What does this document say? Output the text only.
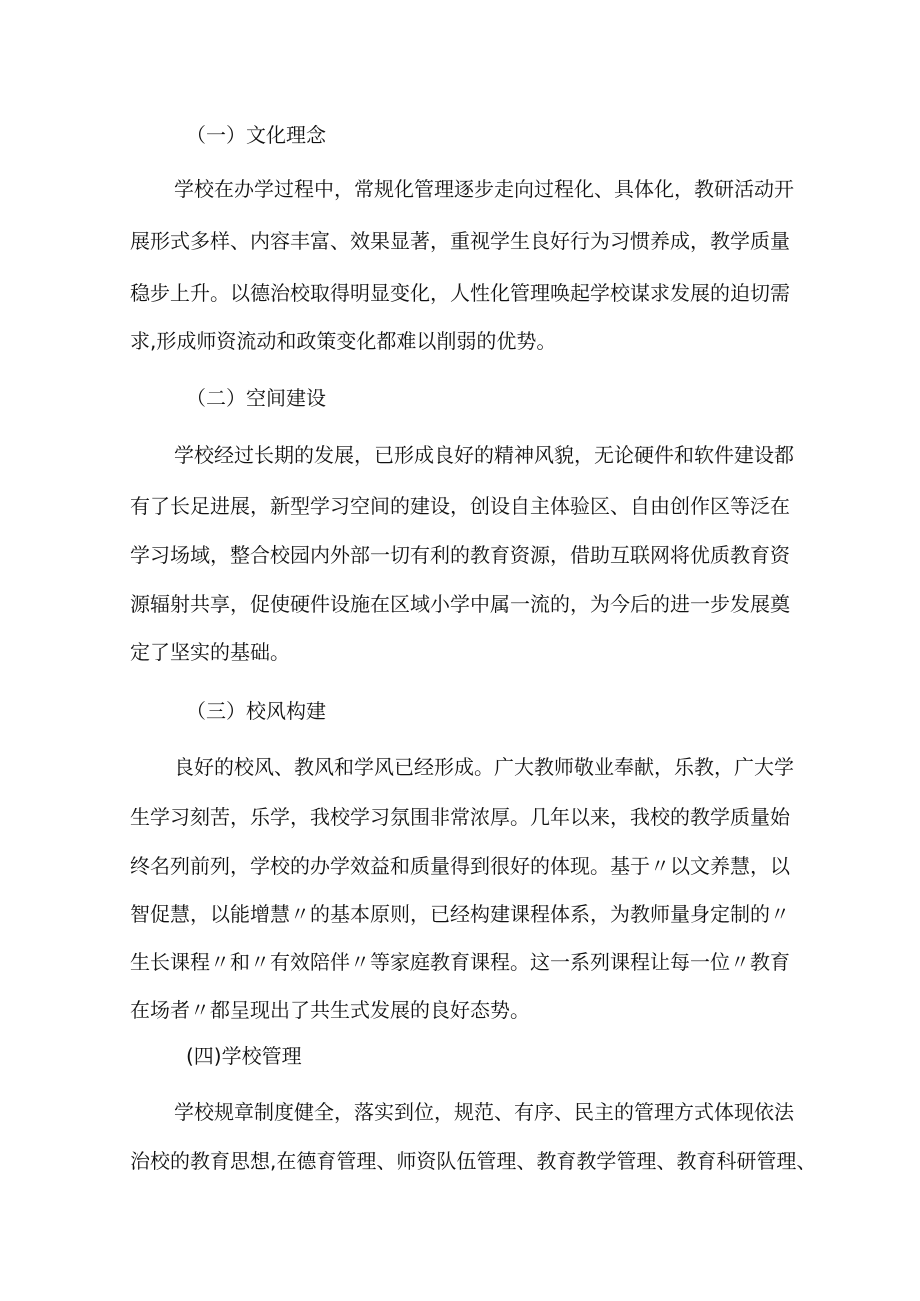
（一）文化理念

学校在办学过程中，常规化管理逐步走向过程化、具体化，教研活动开

展形式多样、内容丰富、效果显著，重视学生良好行为习惯养成，教学质量

稳步上升。以德治校取得明显变化，人性化管理唤起学校谋求发展的迫切需

求,形成师资流动和政策变化都难以削弱的优势。

（二）空间建设

学校经过长期的发展，已形成良好的精神风貌，无论硬件和软件建设都

有了长足进展，新型学习空间的建设，创设自主体验区、自由创作区等泛在

学习场域，整合校园内外部一切有利的教育资源，借助互联网将优质教育资

源辐射共享，促使硬件设施在区域小学中属一流的，为今后的进一步发展奠

定了坚实的基础。

（三）校风构建

良好的校风、教风和学风已经形成。广大教师敬业奉献，乐教，广大学

生学习刻苦，乐学，我校学习氛围非常浓厚。几年以来，我校的教学质量始

终名列前列，学校的办学效益和质量得到很好的体现。基于〃以文养慧，以

智促慧，以能增慧〃的基本原则，已经构建课程体系，为教师量身定制的〃

生长课程〃和〃有效陪伴〃等家庭教育课程。这一系列课程让每一位〃教育

在场者〃都呈现出了共生式发展的良好态势。

(四)学校管理

学校规章制度健全，落实到位，规范、有序、民主的管理方式体现依法

治校的教育思想,在德育管理、师资队伍管理、教育教学管理、教育科研管理、
